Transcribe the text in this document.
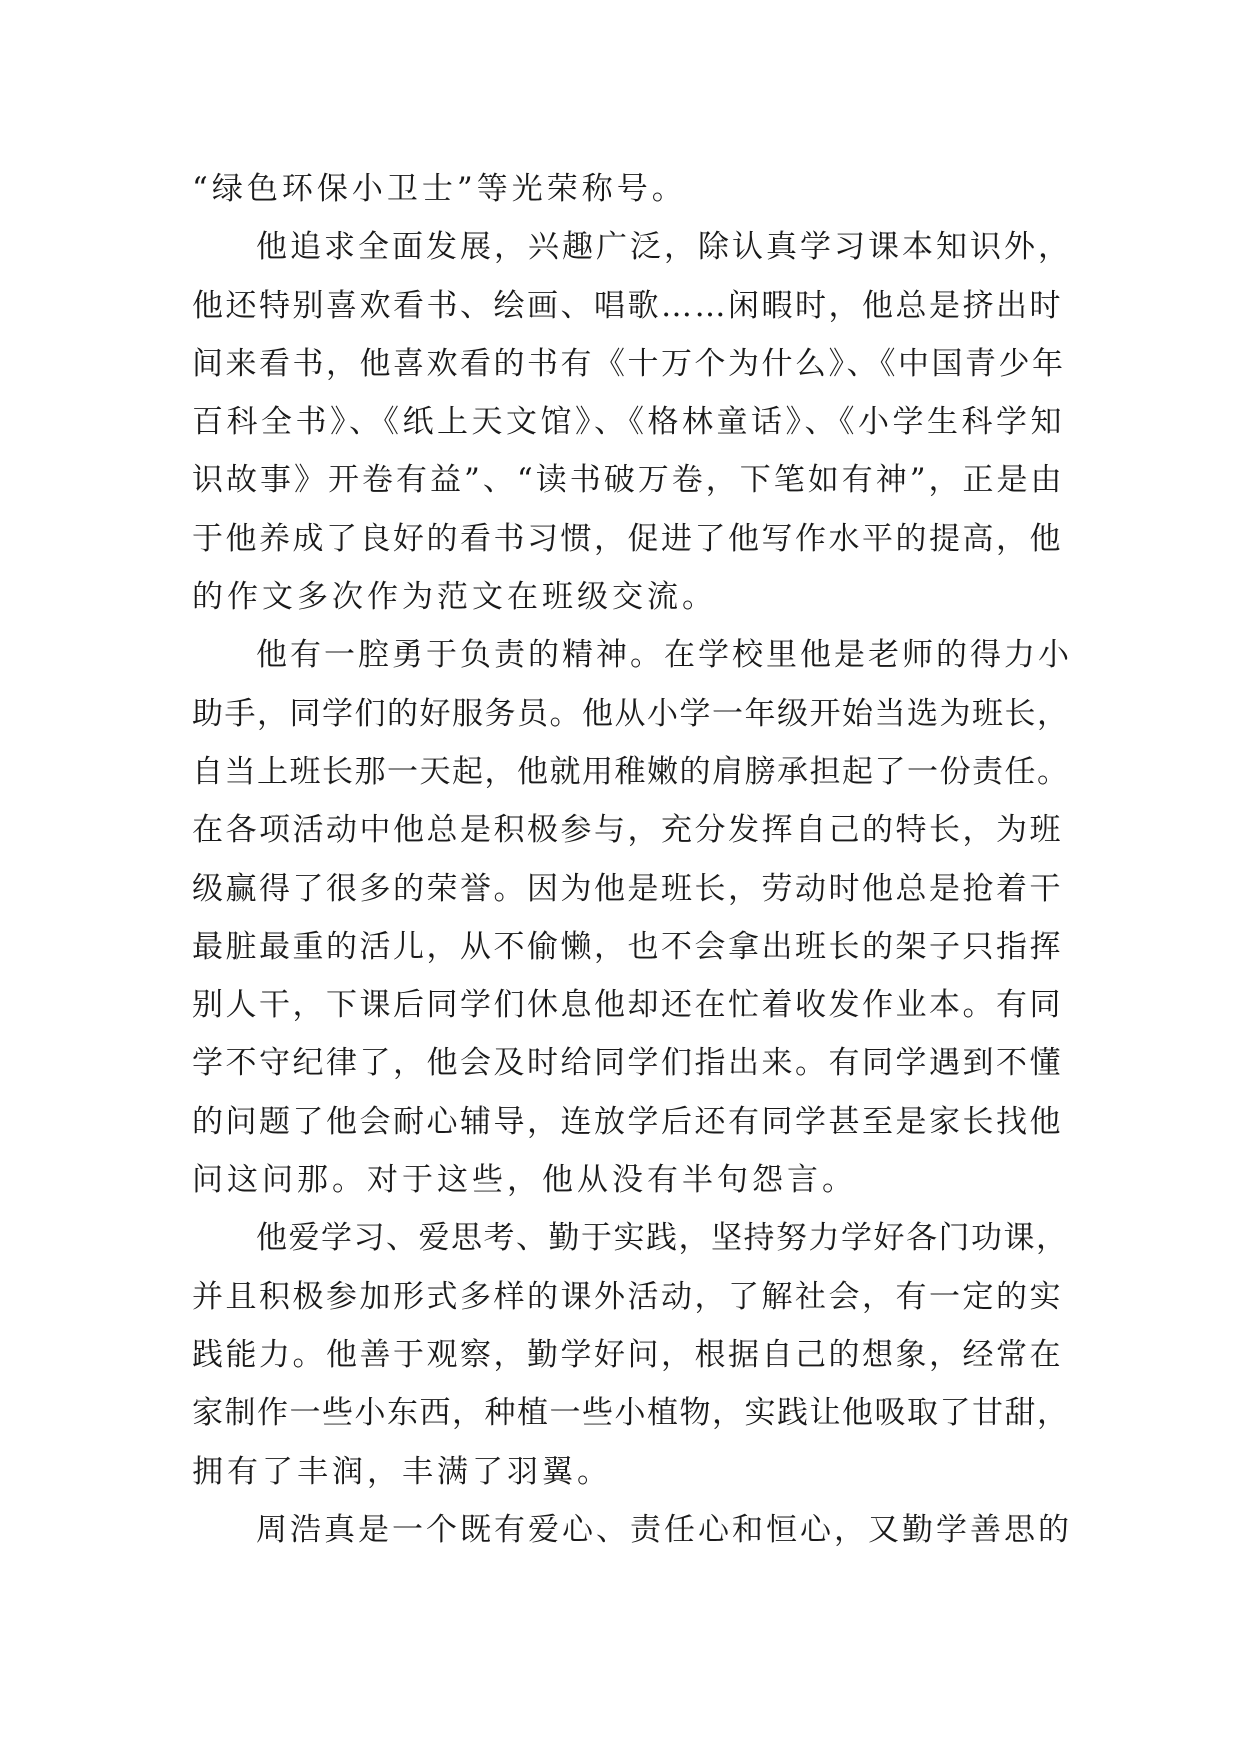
“绿色环保小卫士”等光荣称号。
他追求全面发展，兴趣广泛，除认真学习课本知识外，
他还特别喜欢看书、绘画、唱歌……闲暇时，他总是挤出时
间来看书，他喜欢看的书有《十万个为什么》、《中国青少年
百科全书》、《纸上天文馆》、《格林童话》、《小学生科学知
识故事》开卷有益”、“读书破万卷，下笔如有神”，正是由
于他养成了良好的看书习惯，促进了他写作水平的提高，他
的作文多次作为范文在班级交流。
他有一腔勇于负责的精神。在学校里他是老师的得力小
助手，同学们的好服务员。他从小学一年级开始当选为班长，
自当上班长那一天起，他就用稚嫩的肩膀承担起了一份责任。
在各项活动中他总是积极参与，充分发挥自己的特长，为班
级赢得了很多的荣誉。因为他是班长，劳动时他总是抢着干
最脏最重的活儿，从不偷懒，也不会拿出班长的架子只指挥
别人干，下课后同学们休息他却还在忙着收发作业本。有同
学不守纪律了，他会及时给同学们指出来。有同学遇到不懂
的问题了他会耐心辅导，连放学后还有同学甚至是家长找他
问这问那。对于这些，他从没有半句怨言。
他爱学习、爱思考、勤于实践，坚持努力学好各门功课，
并且积极参加形式多样的课外活动，了解社会，有一定的实
践能力。他善于观察，勤学好问，根据自己的想象，经常在
家制作一些小东西，种植一些小植物，实践让他吸取了甘甜，
拥有了丰润，丰满了羽翼。
周浩真是一个既有爱心、责任心和恒心，又勤学善思的
